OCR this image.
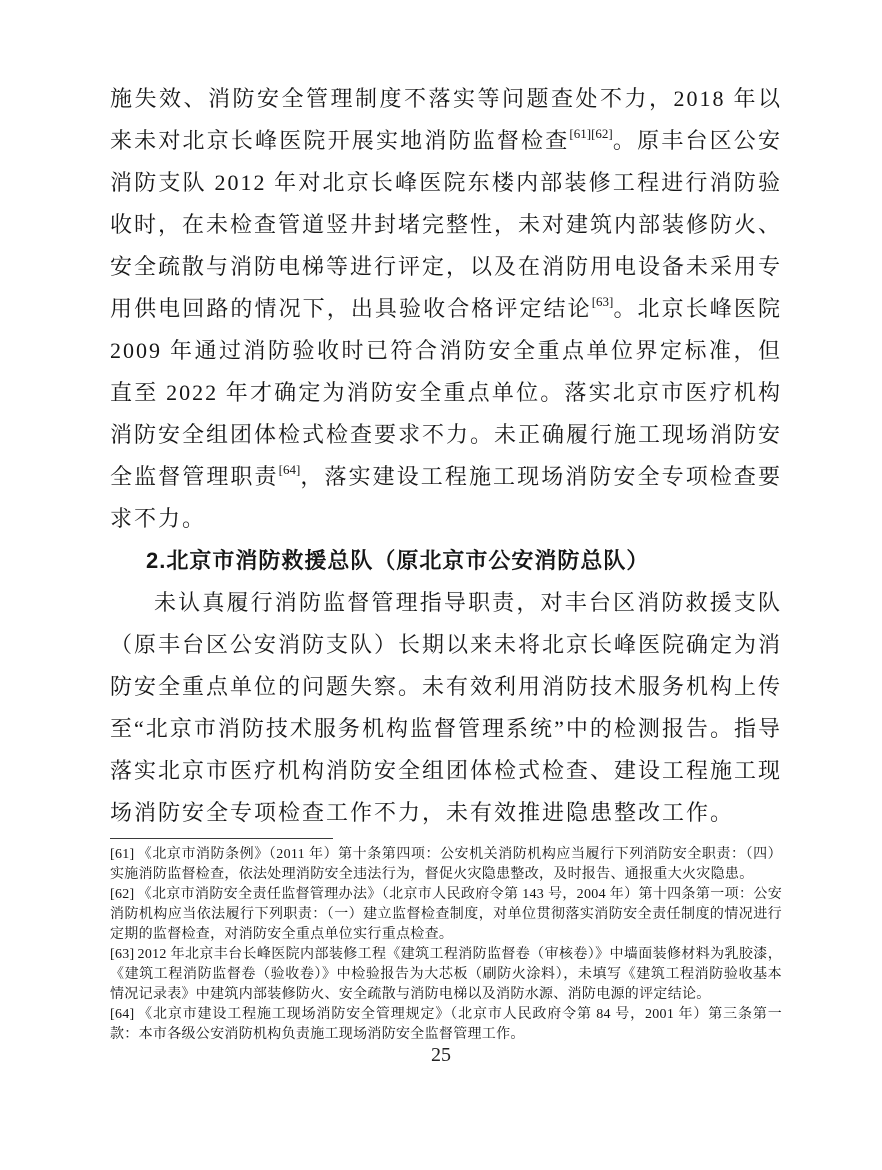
施失效、消防安全管理制度不落实等问题查处不力，2018 年以来未对北京长峰医院开展实地消防监督检查[61][62]。原丰台区公安消防支队 2012 年对北京长峰医院东楼内部装修工程进行消防验收时，在未检查管道竖井封堵完整性，未对建筑内部装修防火、安全疏散与消防电梯等进行评定，以及在消防用电设备未采用专用供电回路的情况下，出具验收合格评定结论[63]。北京长峰医院 2009 年通过消防验收时已符合消防安全重点单位界定标准，但直至 2022 年才确定为消防安全重点单位。落实北京市医疗机构消防安全组团体检式检查要求不力。未正确履行施工现场消防安全监督管理职责[64]，落实建设工程施工现场消防安全专项检查要求不力。

2.北京市消防救援总队（原北京市公安消防总队）

未认真履行消防监督管理指导职责，对丰台区消防救援支队（原丰台区公安消防支队）长期以来未将北京长峰医院确定为消防安全重点单位的问题失察。未有效利用消防技术服务机构上传至“北京市消防技术服务机构监督管理系统”中的检测报告。指导落实北京市医疗机构消防安全组团体检式检查、建设工程施工现场消防安全专项检查工作不力，未有效推进隐患整改工作。

[61] 《北京市消防条例》（2011 年）第十条第四项：公安机关消防机构应当履行下列消防安全职责：（四）实施消防监督检查，依法处理消防安全违法行为，督促火灾隐患整改，及时报告、通报重大火灾隐患。

[62] 《北京市消防安全责任监督管理办法》（北京市人民政府令第 143 号，2004 年）第十四条第一项：公安消防机构应当依法履行下列职责：（一）建立监督检查制度，对单位贯彻落实消防安全责任制度的情况进行定期的监督检查，对消防安全重点单位实行重点检查。

[63] 2012 年北京丰台长峰医院内部装修工程《建筑工程消防监督卷（审核卷）》中墙面装修材料为乳胶漆，《建筑工程消防监督卷（验收卷）》中检验报告为大芯板（刷防火涂料），未填写《建筑工程消防验收基本情况记录表》中建筑内部装修防火、安全疏散与消防电梯以及消防水源、消防电源的评定结论。

[64] 《北京市建设工程施工现场消防安全管理规定》（北京市人民政府令第 84 号，2001 年）第三条第一款：本市各级公安消防机构负责施工现场消防安全监督管理工作。

25
